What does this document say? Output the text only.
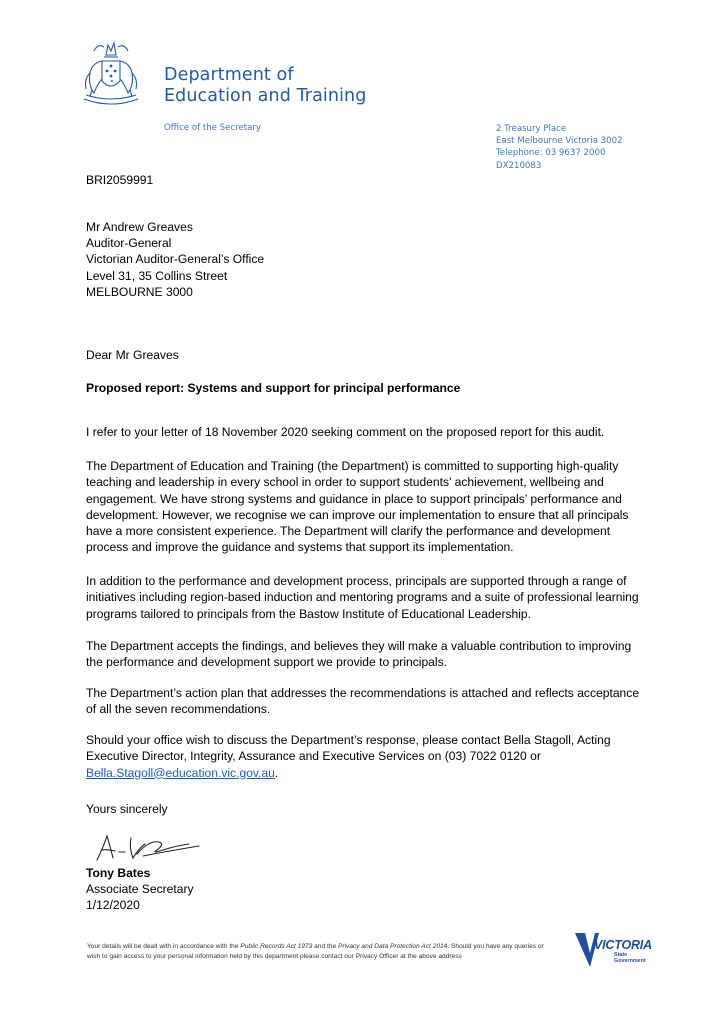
Department of
Education and Training
Office of the Secretary	2 Treasury Place
East Melbourne Victoria 3002
Telephone: 03 9637 2000
DX210083
BRI2059991
Mr Andrew Greaves
Auditor-General
Victorian Auditor-General’s Office
Level 31, 35 Collins Street
MELBOURNE 3000
Dear Mr Greaves
Proposed report: Systems and support for principal performance

I refer to your letter of 18 November 2020 seeking comment on the proposed report for this audit.

The Department of Education and Training (the Department) is committed to supporting high-quality teaching and leadership in every school in order to support students’ achievement, wellbeing and engagement. We have strong systems and guidance in place to support principals’ performance and development. However, we recognise we can improve our implementation to ensure that all principals have a more consistent experience. The Department will clarify the performance and development process and improve the guidance and systems that support its implementation.

In addition to the performance and development process, principals are supported through a range of initiatives including region-based induction and mentoring programs and a suite of professional learning programs tailored to principals from the Bastow Institute of Educational Leadership.

The Department accepts the findings, and believes they will make a valuable contribution to improving the performance and development support we provide to principals.

The Department’s action plan that addresses the recommendations is attached and reflects acceptance of all the seven recommendations.

Should your office wish to discuss the Department’s response, please contact Bella Stagoll, Acting Executive Director, Integrity, Assurance and Executive Services on (03) 7022 0120 or Bella.Stagoll@education.vic.gov.au.

Yours sincerely
Tony Bates
Associate Secretary
1/12/2020
Your details will be dealt with in accordance with the Public Records Act 1973 and the Privacy and Data Protection Act 2014. Should you have any queries or wish to gain access to your personal information held by this department please contact our Privacy Officer at the above address
VICTORIA
State
Government
